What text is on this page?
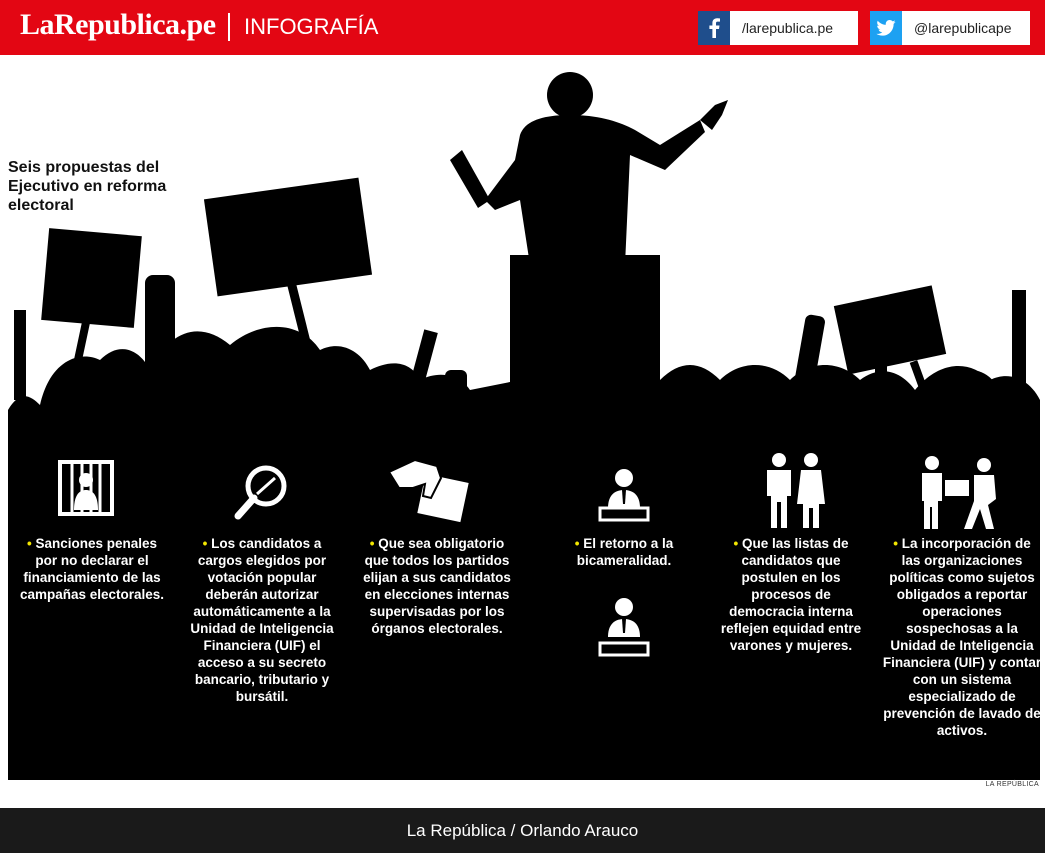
LaRepublica.pe INFOGRAFÍA	/larepublica.pe	@larepublicape
Seis propuestas del Ejecutivo en reforma electoral
• Sanciones penales por no declarar el financiamiento de las campañas electorales.
• Los candidatos a cargos elegidos por votación popular deberán autorizar automáticamente a la Unidad de Inteligencia Financiera (UIF) el acceso a su secreto bancario, tributario y bursátil.
• Que sea obligatorio que todos los partidos elijan a sus candidatos en elecciones internas supervisadas por los órganos electorales.
• El retorno a la bicameralidad.
• Que las listas de candidatos que postulen en los procesos de democracia interna reflejen equidad entre varones y mujeres.
• La incorporación de las organizaciones políticas como sujetos obligados a reportar operaciones sospechosas a la Unidad de Inteligencia Financiera (UIF) y contar con un sistema especializado de prevención de lavado de activos.
LA REPÚBLICA
La República / Orlando Arauco
